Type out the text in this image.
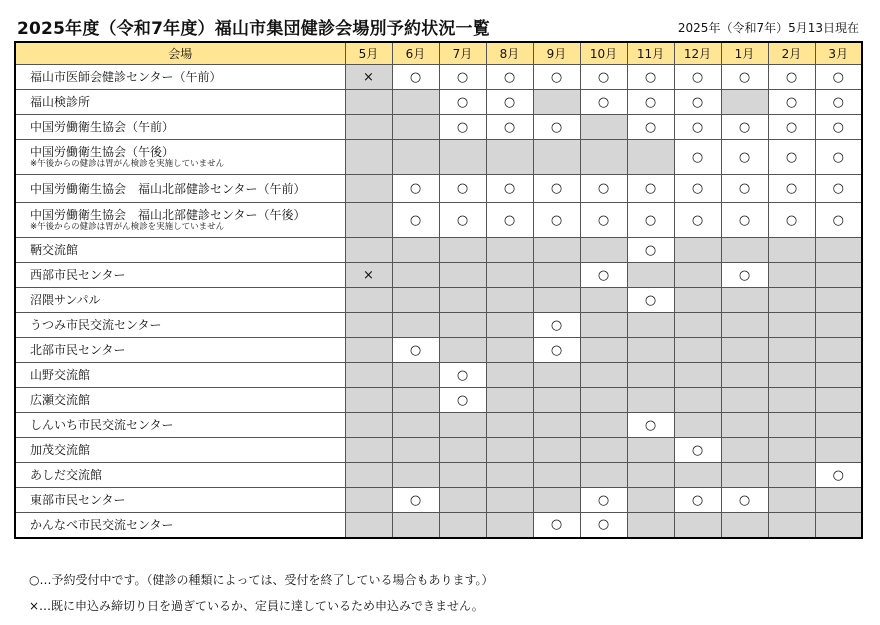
2025年度（令和7年度）福山市集団健診会場別予約状況一覧	2025年（令和7年）5月13日現在
会場	5月	6月	7月	8月	9月	10月	11月	12月	1月	2月	3月
福山市医師会健診センター（午前）	×	○	○	○	○	○	○	○	○	○	○
福山検診所			○	○		○	○	○		○	○
中国労働衛生協会（午前）			○	○	○		○	○	○	○	○
中国労働衛生協会（午後）
※午後からの健診は胃がん検診を実施していません								○	○	○	○
中国労働衛生協会　福山北部健診センター（午前）		○	○	○	○	○	○	○	○	○	○
中国労働衛生協会　福山北部健診センター（午後）
※午後からの健診は胃がん検診を実施していません		○	○	○	○	○	○	○	○	○	○
鞆交流館							○				
西部市民センター	×					○			○		
沼隈サンパル							○				
うつみ市民交流センター					○						
北部市民センター		○			○						
山野交流館			○								
広瀬交流館			○								
しんいち市民交流センター							○				
加茂交流館								○			
あしだ交流館											○
東部市民センター		○				○		○	○		
かんなべ市民交流センター					○	○					
○…予約受付中です。（健診の種類によっては、受付を終了している場合もあります。）
×…既に申込み締切り日を過ぎているか、定員に達しているため申込みできません。
